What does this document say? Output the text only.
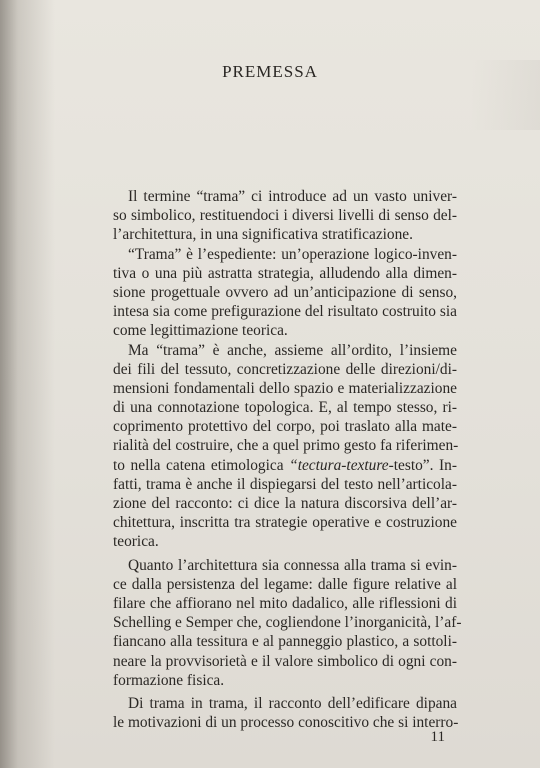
PREMESSA
Il termine “trama” ci introduce ad un vasto univer-
so simbolico, restituendoci i diversi livelli di senso del-
l’architettura, in una significativa stratificazione.
“Trama” è l’espediente: un’operazione logico-inven-
tiva o una più astratta strategia, alludendo alla dimen-
sione progettuale ovvero ad un’anticipazione di senso,
intesa sia come prefigurazione del risultato costruito sia
come legittimazione teorica.
Ma “trama” è anche, assieme all’ordito, l’insieme
dei fili del tessuto, concretizzazione delle direzioni/di-
mensioni fondamentali dello spazio e materializzazione
di una connotazione topologica. E, al tempo stesso, ri-
coprimento protettivo del corpo, poi traslato alla mate-
rialità del costruire, che a quel primo gesto fa riferimen-
to nella catena etimologica “tectura-texture-testo”. In-
fatti, trama è anche il dispiegarsi del testo nell’articola-
zione del racconto: ci dice la natura discorsiva dell’ar-
chitettura, inscritta tra strategie operative e costruzione
teorica.
Quanto l’architettura sia connessa alla trama si evin-
ce dalla persistenza del legame: dalle figure relative al
filare che affiorano nel mito dadalico, alle riflessioni di
Schelling e Semper che, cogliendone l’inorganicità, l’af-
fiancano alla tessitura e al panneggio plastico, a sottoli-
neare la provvisorietà e il valore simbolico di ogni con-
formazione fisica.
Di trama in trama, il racconto dell’edificare dipana
le motivazioni di un processo conoscitivo che si interro-
11
